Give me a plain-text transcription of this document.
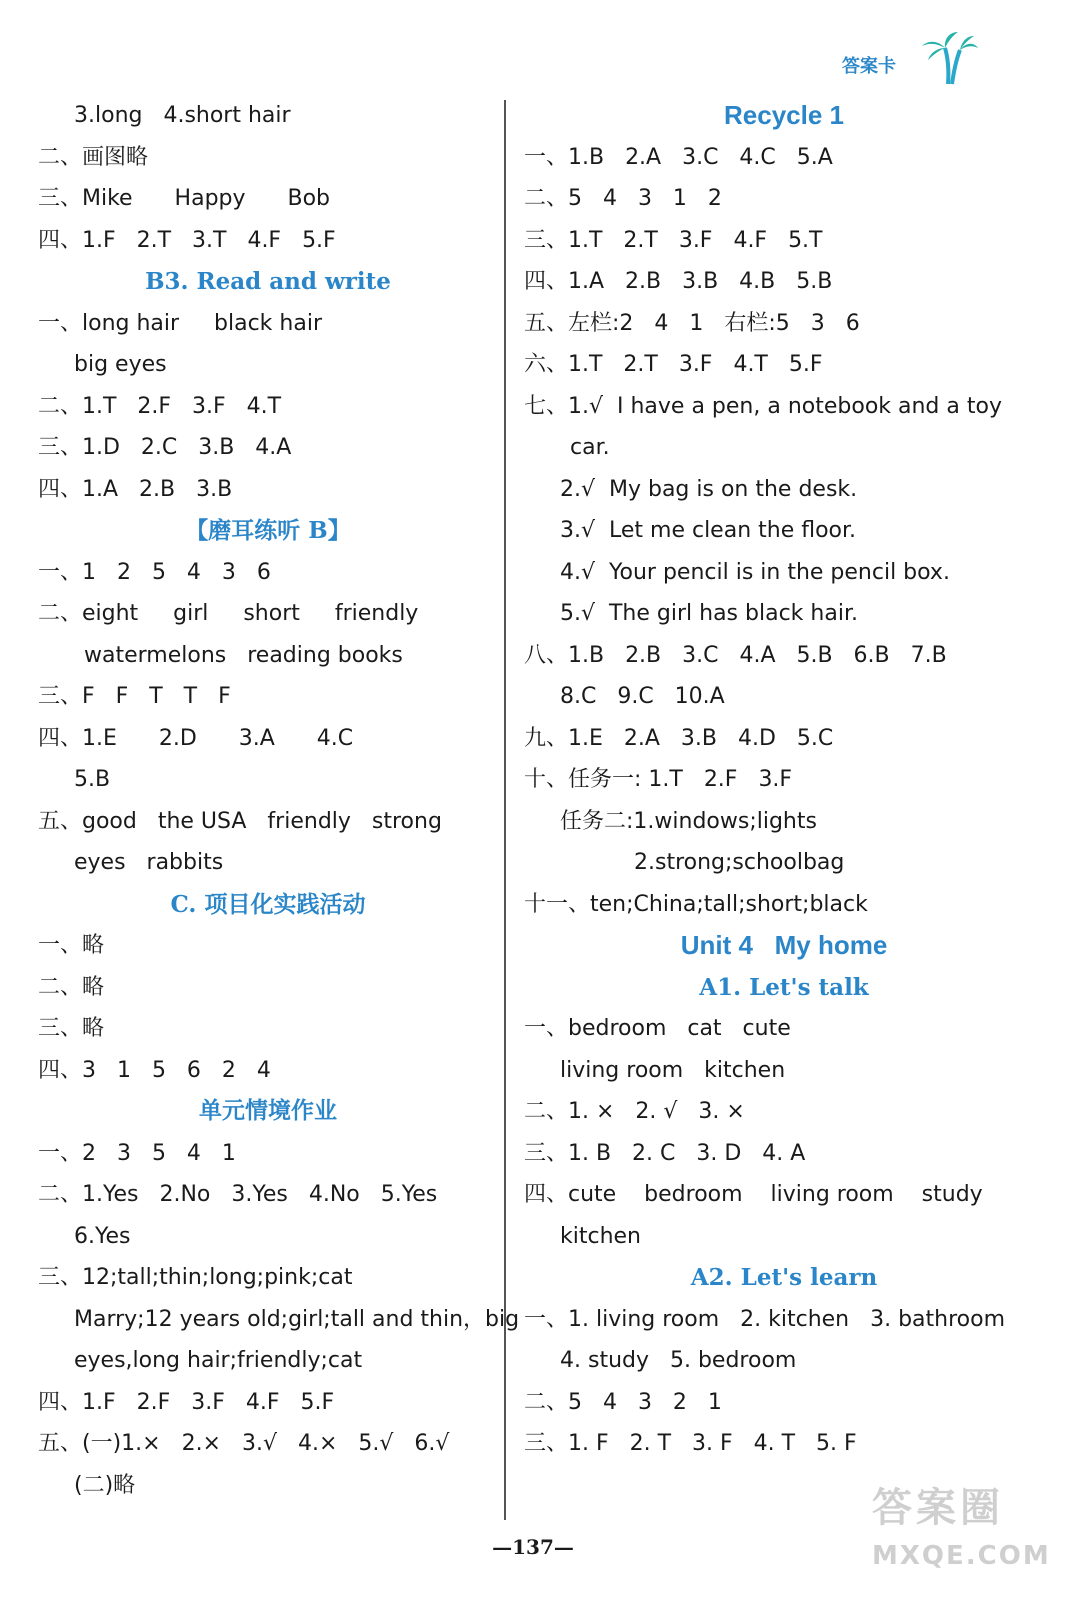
答案卡
3.long   4.short hair
二、画图略
三、Mike      Happy      Bob
四、1.F   2.T   3.T   4.F   5.F
B3. Read and write
一、long hair     black hair
big eyes
二、1.T   2.F   3.F   4.T
三、1.D   2.C   3.B   4.A
四、1.A   2.B   3.B
【磨耳练听 B】
一、1   2   5   4   3   6
二、eight     girl     short     friendly
watermelons   reading books
三、F   F   T   T   F
四、1.E      2.D      3.A      4.C
5.B
五、good   the USA   friendly   strong
eyes   rabbits
C. 项目化实践活动
一、略
二、略
三、略
四、3   1   5   6   2   4
单元情境作业
一、2   3   5   4   1
二、1.Yes   2.No   3.Yes   4.No   5.Yes
6.Yes
三、12;tall;thin;long;pink;cat
Marry;12 years old;girl;tall and thin，big
eyes,long hair;friendly;cat
四、1.F   2.F   3.F   4.F   5.F
五、(一)1.×   2.×   3.√   4.×   5.√   6.√
(二)略
Recycle 1
一、1.B   2.A   3.C   4.C   5.A
二、5   4   3   1   2
三、1.T   2.T   3.F   4.F   5.T
四、1.A   2.B   3.B   4.B   5.B
五、左栏:2   4   1   右栏:5   3   6
六、1.T   2.T   3.F   4.T   5.F
七、1.√  I have a pen, a notebook and a toy
car.
2.√  My bag is on the desk.
3.√  Let me clean the floor.
4.√  Your pencil is in the pencil box.
5.√  The girl has black hair.
八、1.B   2.B   3.C   4.A   5.B   6.B   7.B
8.C   9.C   10.A
九、1.E   2.A   3.B   4.D   5.C
十、任务一: 1.T   2.F   3.F
任务二:1.windows;lights
2.strong;schoolbag
十一、ten;China;tall;short;black
Unit 4   My home
A1. Let's talk
一、bedroom   cat   cute
living room   kitchen
二、1. ×   2. √   3. ×
三、1. B   2. C   3. D   4. A
四、cute    bedroom    living room    study
kitchen
A2. Let's learn
一、1. living room   2. kitchen   3. bathroom
4. study   5. bedroom
二、5   4   3   2   1
三、1. F   2. T   3. F   4. T   5. F
—137—
答案圈
MXQE.COM
